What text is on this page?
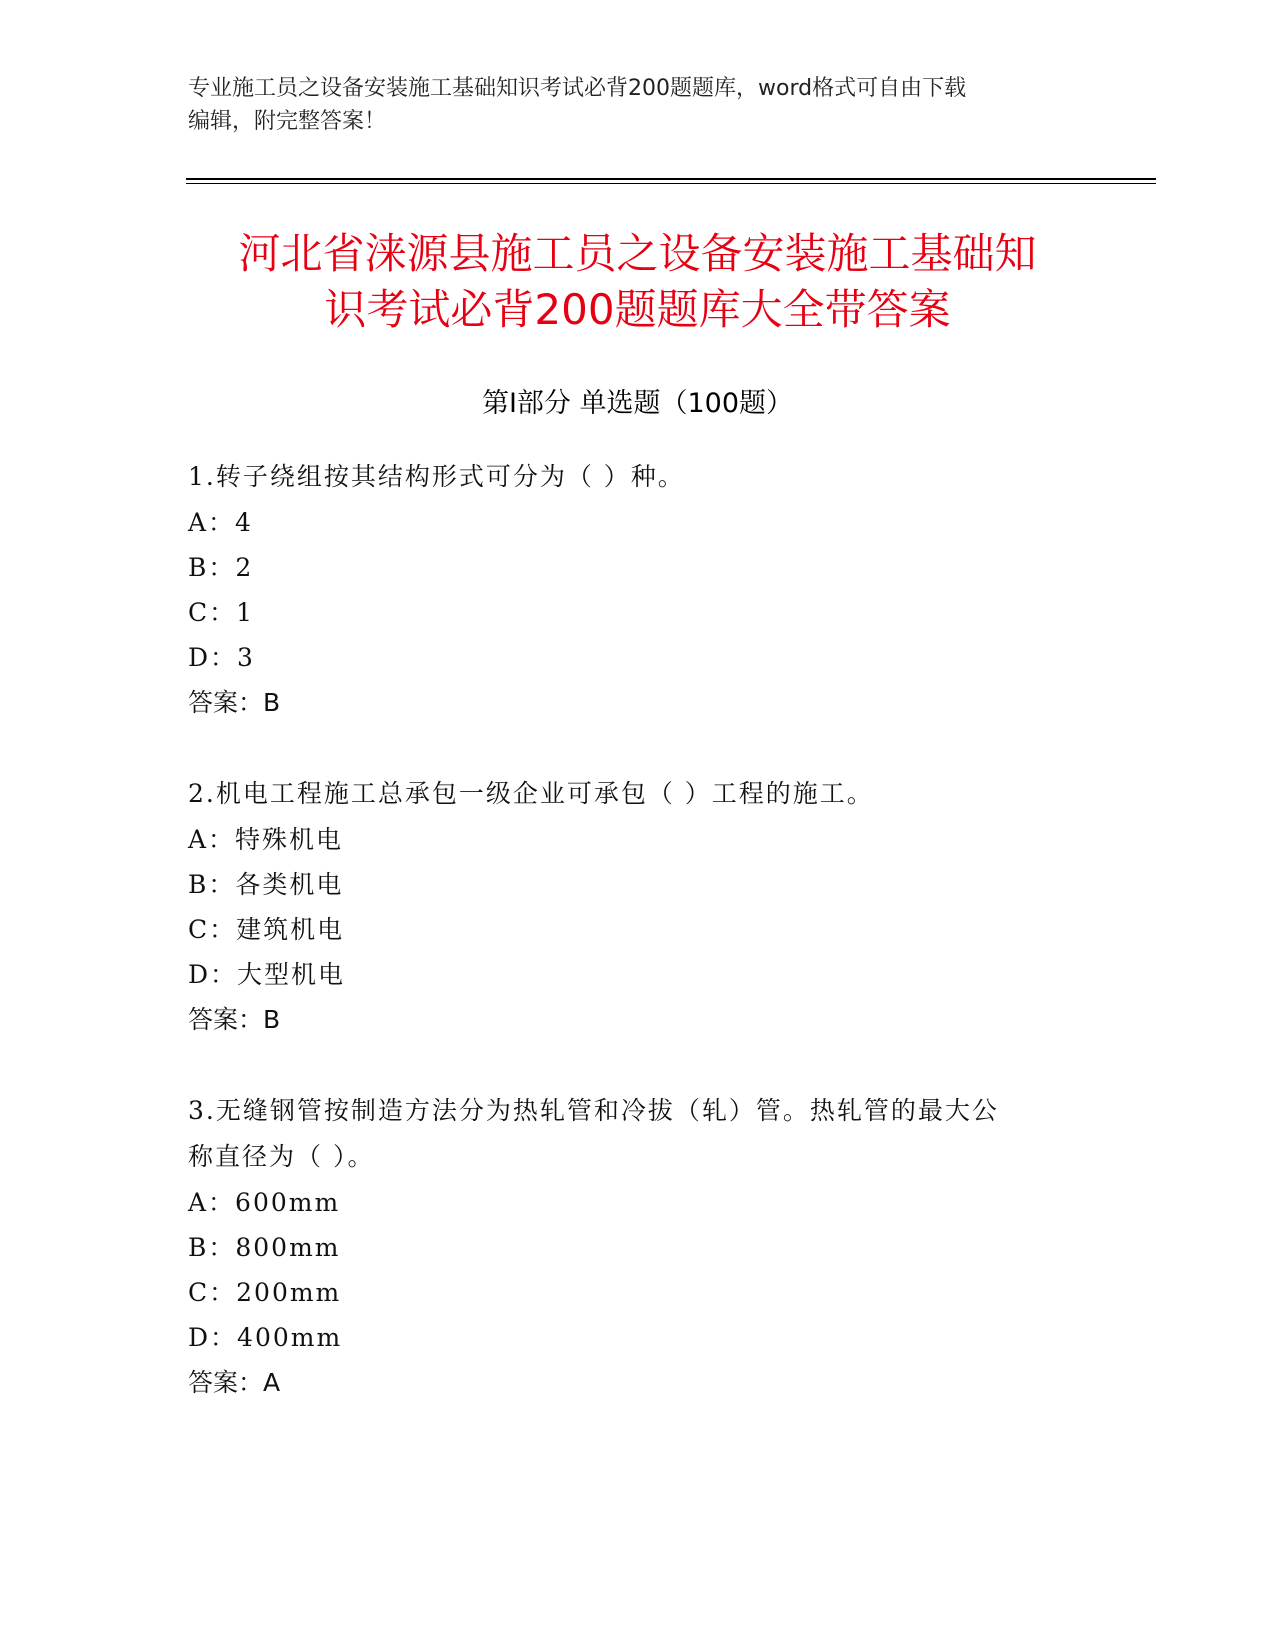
专业施工员之设备安装施工基础知识考试必背200题题库，word格式可自由下载
编辑，附完整答案！
河北省涞源县施工员之设备安装施工基础知
识考试必背200题题库大全带答案
第Ⅰ部分 单选题（100题）
1.转子绕组按其结构形式可分为（ ）种。
A：4
B：2
C：1
D：3
答案：B
2.机电工程施工总承包一级企业可承包（ ）工程的施工。
A：特殊机电
B：各类机电
C：建筑机电
D：大型机电
答案：B
3.无缝钢管按制造方法分为热轧管和冷拔（轧）管。热轧管的最大公
称直径为（ ）。
A：600mm
B：800mm
C：200mm
D：400mm
答案：A
